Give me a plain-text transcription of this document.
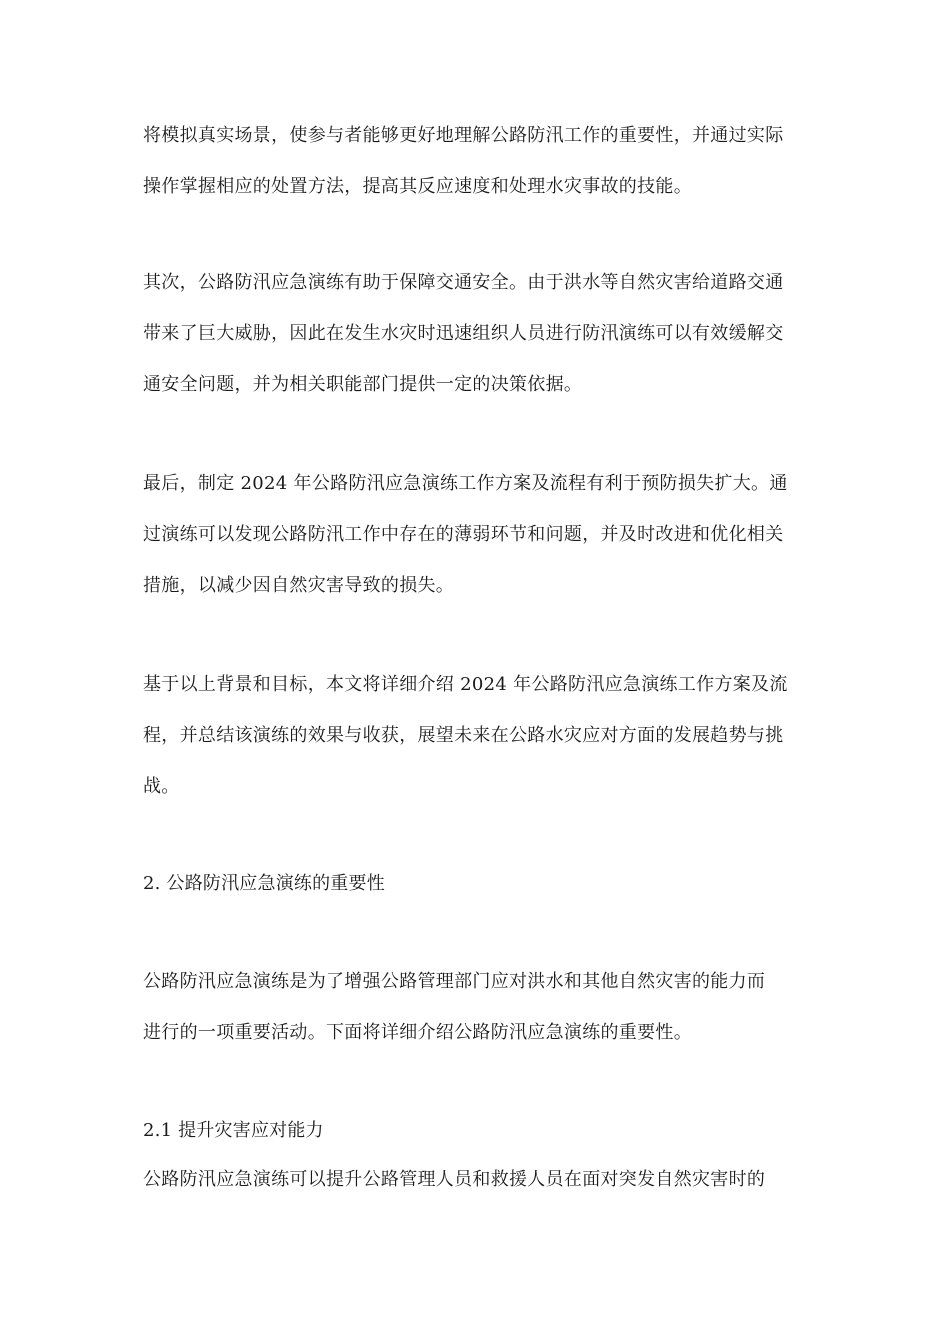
将模拟真实场景，使参与者能够更好地理解公路防汛工作的重要性，并通过实际
操作掌握相应的处置方法，提高其反应速度和处理水灾事故的技能。
其次，公路防汛应急演练有助于保障交通安全。由于洪水等自然灾害给道路交通
带来了巨大威胁，因此在发生水灾时迅速组织人员进行防汛演练可以有效缓解交
通安全问题，并为相关职能部门提供一定的决策依据。
最后，制定 2024 年公路防汛应急演练工作方案及流程有利于预防损失扩大。通
过演练可以发现公路防汛工作中存在的薄弱环节和问题，并及时改进和优化相关
措施，以减少因自然灾害导致的损失。
基于以上背景和目标，本文将详细介绍 2024 年公路防汛应急演练工作方案及流
程，并总结该演练的效果与收获，展望未来在公路水灾应对方面的发展趋势与挑
战。
2. 公路防汛应急演练的重要性
公路防汛应急演练是为了增强公路管理部门应对洪水和其他自然灾害的能力而
进行的一项重要活动。下面将详细介绍公路防汛应急演练的重要性。
2.1 提升灾害应对能力
公路防汛应急演练可以提升公路管理人员和救援人员在面对突发自然灾害时的
